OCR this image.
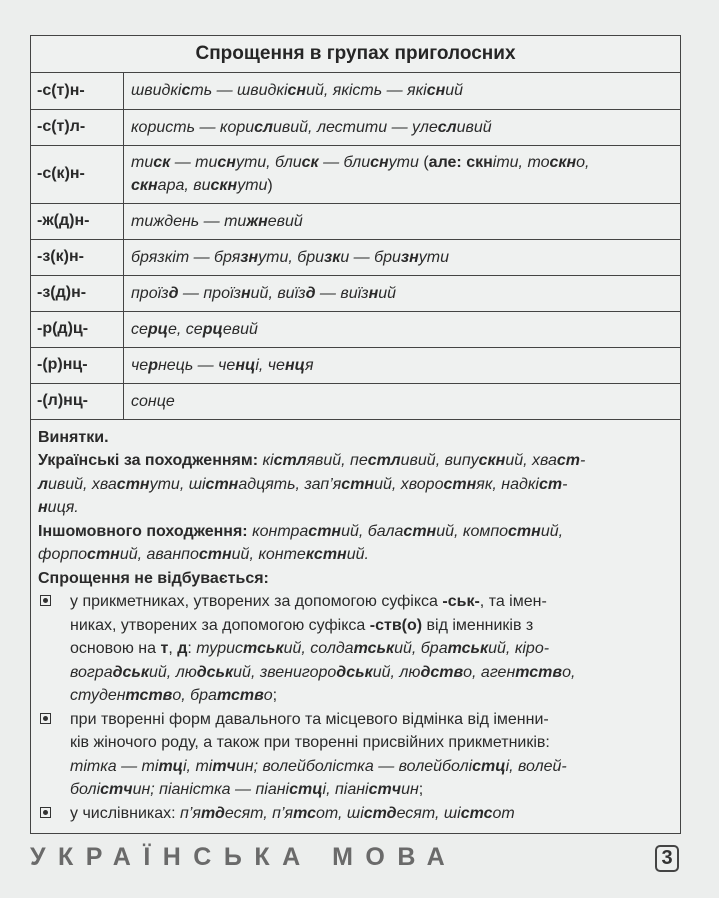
Спрощення в групах приголосних
-с(т)н-	швидкість — швидкісний, якість — якісний
-с(т)л-	користь — корисливий, лестити — улесливий
-с(к)н-	тиск — тиснути, блиск — блиснути (але: скніти, тоскно,
скнара, вискнути)
-ж(д)н-	тиждень — тижневий
-з(к)н-	брязкіт — брязнути, бризки — бризнути
-з(д)н-	проїзд — проїзний, виїзд — виїзний
-р(д)ц-	серце, серцевий
-(р)нц-	чернець — ченці, ченця
-(л)нц-	сонце

Винятки.

Українські за походженням: кістлявий, пестливий, випускний, хваст-
ливий, хвастнути, шістнадцять, зап’ястний, хворостняк, надкіст-
ниця.

Іншомовного походження: контрастний, баластний, компостний,
форпостний, аванпостний, контекстний.

Спрощення не відбувається:

у прикметниках, утворених за допомогою суфікса -ськ-, та імен-
никах, утворених за допомогою суфікса -ств(о) від іменників з
основою на т, д: туристський, солдатський, братський, кіро-
воградський, людський, звенигородський, людство, агентство,
студентство, братство;

при творенні форм давального та місцевого відмінка від іменни-
ків жіночого роду, а також при творенні присвійних прикметників:
тітка — тітці, тітчин; волейболістка — волейболістці, волей-
болістчин; піаністка — піаністці, піаністчин;

у числівниках: п’ятдесят, п’ятсот, шістдесят, шістсот

УКРАЇНСЬКА МОВА	3
